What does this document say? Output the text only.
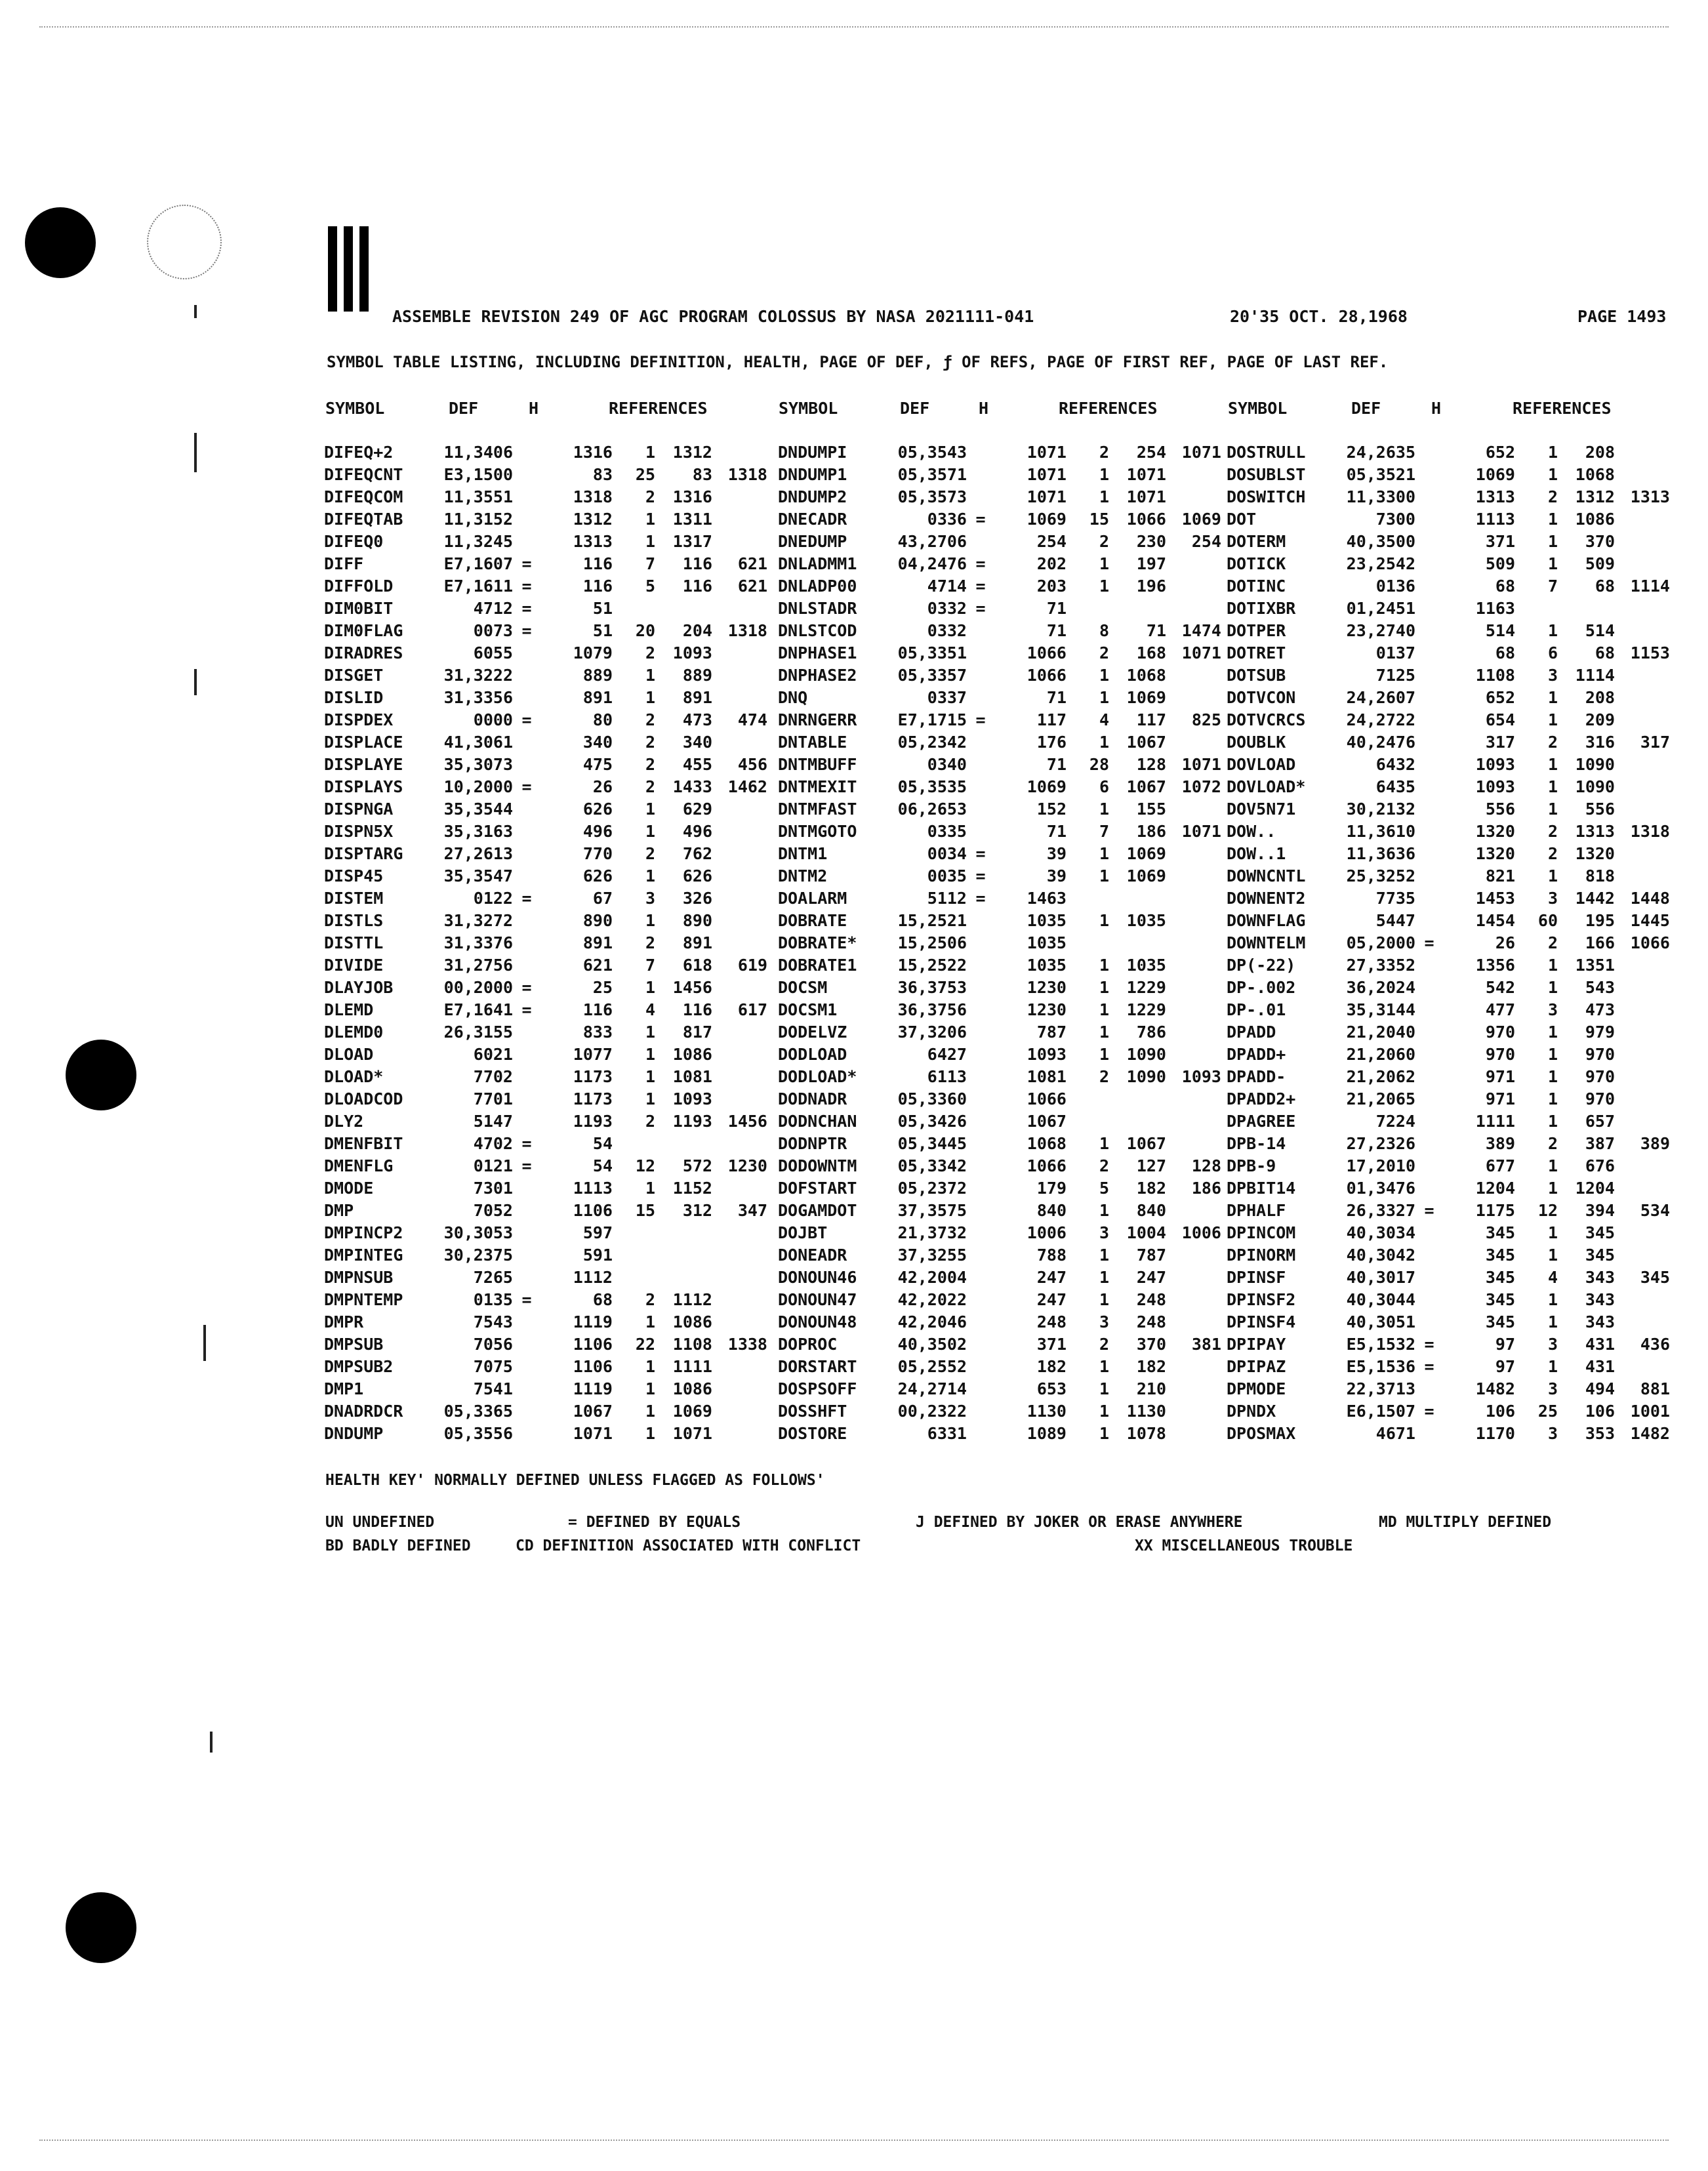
ASSEMBLE REVISION 249 OF AGC PROGRAM COLOSSUS BY NASA 2021111-041	20'35 OCT. 28,1968	PAGE 1493
SYMBOL TABLE LISTING, INCLUDING DEFINITION, HEALTH, PAGE OF DEF, ƒ OF REFS, PAGE OF FIRST REF, PAGE OF LAST REF.
SYMBOL	DEF	H	REFERENCES	SYMBOL	DEF	H	REFERENCES	SYMBOL	DEF	H	REFERENCES
DIFEQ+2	11,3406	1316	1	1312
DIFEQCNT	E3,1500	83	25	83 1318
DIFEQCOM	11,3551	1318	2	1316
DIFEQTAB	11,3152	1312	1	1311
DIFEQ0	11,3245	1313	1	1317
DIFF	E7,1607 =	116	7	116	621
DIFFOLD	E7,1611 =	116	5	116	621
DIM0BIT	4712 =	51
DIM0FLAG	0073 =	51	20	204 1318
DIRADRES	6055	1079	2	1093
DISGET	31,3222	889	1	889
DISLID	31,3356	891	1	891
DISPDEX	0000 =	80	2	473	474
DISPLACE	41,3061	340	2	340
DISPLAYE	35,3073	475	2	455	456
DISPLAYS	10,2000 =	26	2	1433 1462
DISPNGA	35,3544	626	1	629
DISPN5X	35,3163	496	1	496
DISPTARG	27,2613	770	2	762
DISP45	35,3547	626	1	626
DISTEM	0122 =	67	3	326
DISTLS	31,3272	890	1	890
DISTTL	31,3376	891	2	891
DIVIDE	31,2756	621	7	618	619
DLAYJOB	00,2000 =	25	1	1456
DLEMD	E7,1641 =	116	4	116	617
DLEMD0	26,3155	833	1	817
DLOAD	6021	1077	1	1086
DLOAD*	7702	1173	1	1081
DLOADCOD	7701	1173	1	1093
DLY2	5147	1193	2	1193 1456
DMENFBIT	4702 =	54
DMENFLG	0121 =	54	12	572 1230
DMODE	7301	1113	1	1152
DMP	7052	1106	15	312	347
DMPINCP2	30,3053	597
DMPINTEG	30,2375	591
DMPNSUB	7265	1112
DMPNTEMP	0135 =	68	2	1112
DMPR	7543	1119	1	1086
DMPSUB	7056	1106	22	1108 1338
DMPSUB2	7075	1106	1	1111
DMP1	7541	1119	1	1086
DNADRDCR	05,3365	1067	1	1069
DNDUMP	05,3556	1071	1	1071
DNDUMPI	05,3543	1071	2	254 1071
DNDUMP1	05,3571	1071	1	1071
DNDUMP2	05,3573	1071	1	1071
DNECADR	0336 =	1069	15	1066 1069
DNEDUMP	43,2706	254	2	230	254
DNLADMM1	04,2476 =	202	1	197
DNLADP00	4714 =	203	1	196
DNLSTADR	0332 =	71
DNLSTCOD	0332	71	8	71 1474
DNPHASE1	05,3351	1066	2	168 1071
DNPHASE2	05,3357	1066	1	1068
DNQ	0337	71	1	1069
DNRNGERR	E7,1715 =	117	4	117	825
DNTABLE	05,2342	176	1	1067
DNTMBUFF	0340	71	28	128 1071
DNTMEXIT	05,3535	1069	6	1067 1072
DNTMFAST	06,2653	152	1	155
DNTMGOTO	0335	71	7	186 1071
DNTM1	0034 =	39	1	1069
DNTM2	0035 =	39	1	1069
DOALARM	5112 =	1463
DOBRATE	15,2521	1035	1	1035
DOBRATE*	15,2506	1035
DOBRATE1	15,2522	1035	1	1035
DOCSM	36,3753	1230	1	1229
DOCSM1	36,3756	1230	1	1229
DODELVZ	37,3206	787	1	786
DODLOAD	6427	1093	1	1090
DODLOAD*	6113	1081	2	1090 1093
DODNADR	05,3360	1066
DODNCHAN	05,3426	1067
DODNPTR	05,3445	1068	1	1067
DODOWNTM	05,3342	1066	2	127	128
DOFSTART	05,2372	179	5	182	186
DOGAMDOT	37,3575	840	1	840
DOJBT	21,3732	1006	3	1004 1006
DONEADR	37,3255	788	1	787
DONOUN46	42,2004	247	1	247
DONOUN47	42,2022	247	1	248
DONOUN48	42,2046	248	3	248
DOPROC	40,3502	371	2	370	381
DORSTART	05,2552	182	1	182
DOSPSOFF	24,2714	653	1	210
DOSSHFT	00,2322	1130	1	1130
DOSTORE	6331	1089	1	1078
DOSTRULL	24,2635	652	1	208
DOSUBLST	05,3521	1069	1	1068
DOSWITCH	11,3300	1313	2	1312 1313
DOT	7300	1113	1	1086
DOTERM	40,3500	371	1	370
DOTICK	23,2542	509	1	509
DOTINC	0136	68	7	68 1114
DOTIXBR	01,2451	1163
DOTPER	23,2740	514	1	514
DOTRET	0137	68	6	68 1153
DOTSUB	7125	1108	3	1114
DOTVCON	24,2607	652	1	208
DOTVCRCS	24,2722	654	1	209
DOUBLK	40,2476	317	2	316	317
DOVLOAD	6432	1093	1	1090
DOVLOAD*	6435	1093	1	1090
DOV5N71	30,2132	556	1	556
DOW..	11,3610	1320	2	1313 1318
DOW..1	11,3636	1320	2	1320
DOWNCNTL	25,3252	821	1	818
DOWNENT2	7735	1453	3	1442 1448
DOWNFLAG	5447	1454	60	195 1445
DOWNTELM	05,2000 =	26	2	166 1066
DP(-22)	27,3352	1356	1	1351
DP-.002	36,2024	542	1	543
DP-.01	35,3144	477	3	473
DPADD	21,2040	970	1	979
DPADD+	21,2060	970	1	970
DPADD-	21,2062	971	1	970
DPADD2+	21,2065	971	1	970
DPAGREE	7224	1111	1	657
DPB-14	27,2326	389	2	387	389
DPB-9	17,2010	677	1	676
DPBIT14	01,3476	1204	1	1204
DPHALF	26,3327 =	1175	12	394	534
DPINCOM	40,3034	345	1	345
DPINORM	40,3042	345	1	345
DPINSF	40,3017	345	4	343	345
DPINSF2	40,3044	345	1	343
DPINSF4	40,3051	345	1	343
DPIPAY	E5,1532 =	97	3	431	436
DPIPAZ	E5,1536 =	97	1	431
DPMODE	22,3713	1482	3	494	881
DPNDX	E6,1507 =	106	25	106 1001
DPOSMAX	4671	1170	3	353 1482
HEALTH KEY' NORMALLY DEFINED UNLESS FLAGGED AS FOLLOWS'
UN UNDEFINED	= DEFINED BY EQUALS	J DEFINED BY JOKER OR ERASE ANYWHERE	MD MULTIPLY DEFINED
BD BADLY DEFINED	CD DEFINITION ASSOCIATED WITH CONFLICT	XX MISCELLANEOUS TROUBLE
